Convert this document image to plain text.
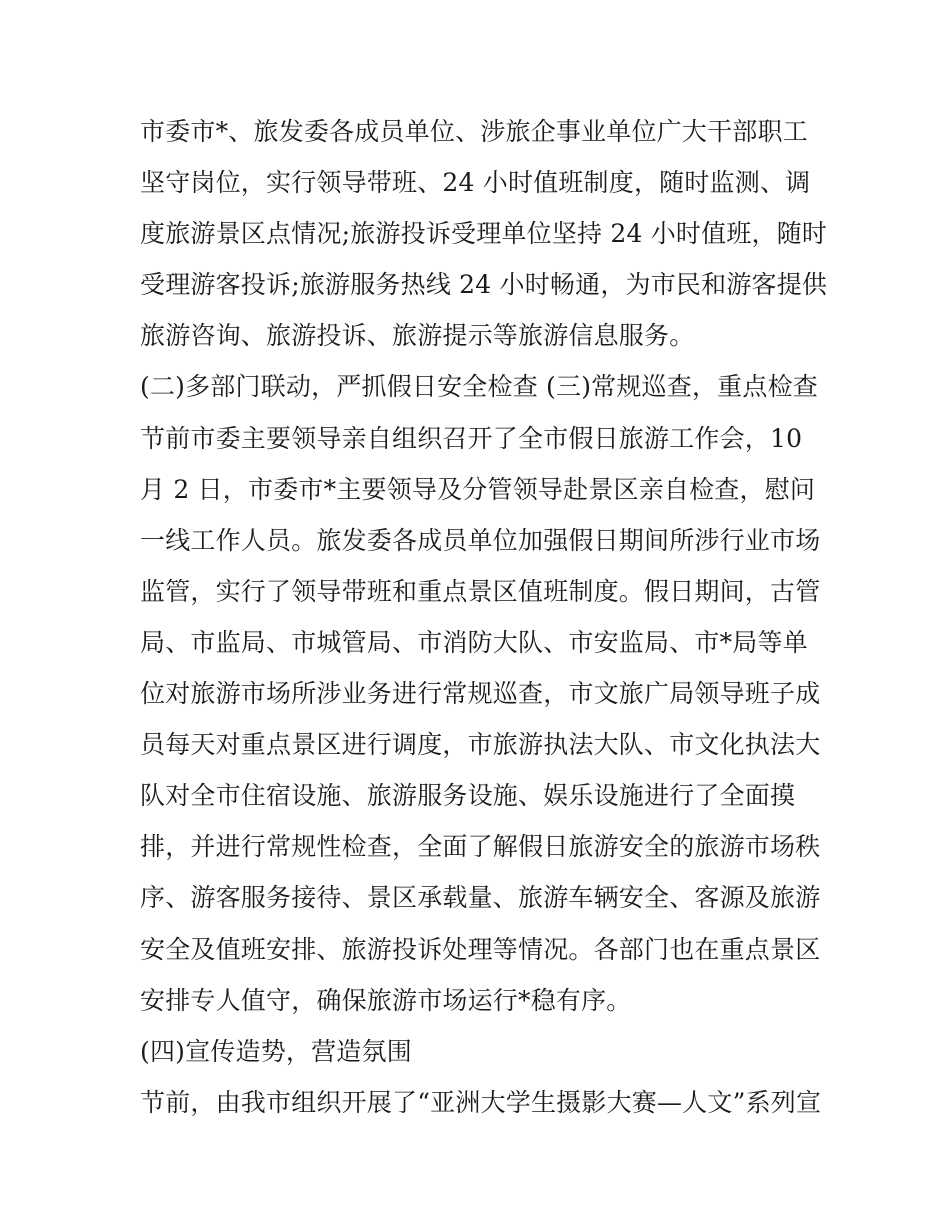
市委市*、旅发委各成员单位、涉旅企事业单位广大干部职工
坚守岗位，实行领导带班、24 小时值班制度，随时监测、调
度旅游景区点情况;旅游投诉受理单位坚持 24 小时值班，随时
受理游客投诉;旅游服务热线 24 小时畅通，为市民和游客提供
旅游咨询、旅游投诉、旅游提示等旅游信息服务。
(二)多部门联动，严抓假日安全检查 (三)常规巡查，重点检查
节前市委主要领导亲自组织召开了全市假日旅游工作会，10
月 2 日，市委市*主要领导及分管领导赴景区亲自检查，慰问
一线工作人员。旅发委各成员单位加强假日期间所涉行业市场
监管，实行了领导带班和重点景区值班制度。假日期间，古管
局、市监局、市城管局、市消防大队、市安监局、市*局等单
位对旅游市场所涉业务进行常规巡查，市文旅广局领导班子成
员每天对重点景区进行调度，市旅游执法大队、市文化执法大
队对全市住宿设施、旅游服务设施、娱乐设施进行了全面摸
排，并进行常规性检查，全面了解假日旅游安全的旅游市场秩
序、游客服务接待、景区承载量、旅游车辆安全、客源及旅游
安全及值班安排、旅游投诉处理等情况。各部门也在重点景区
安排专人值守，确保旅游市场运行*稳有序。
(四)宣传造势，营造氛围
节前，由我市组织开展了“亚洲大学生摄影大赛—人文”系列宣
